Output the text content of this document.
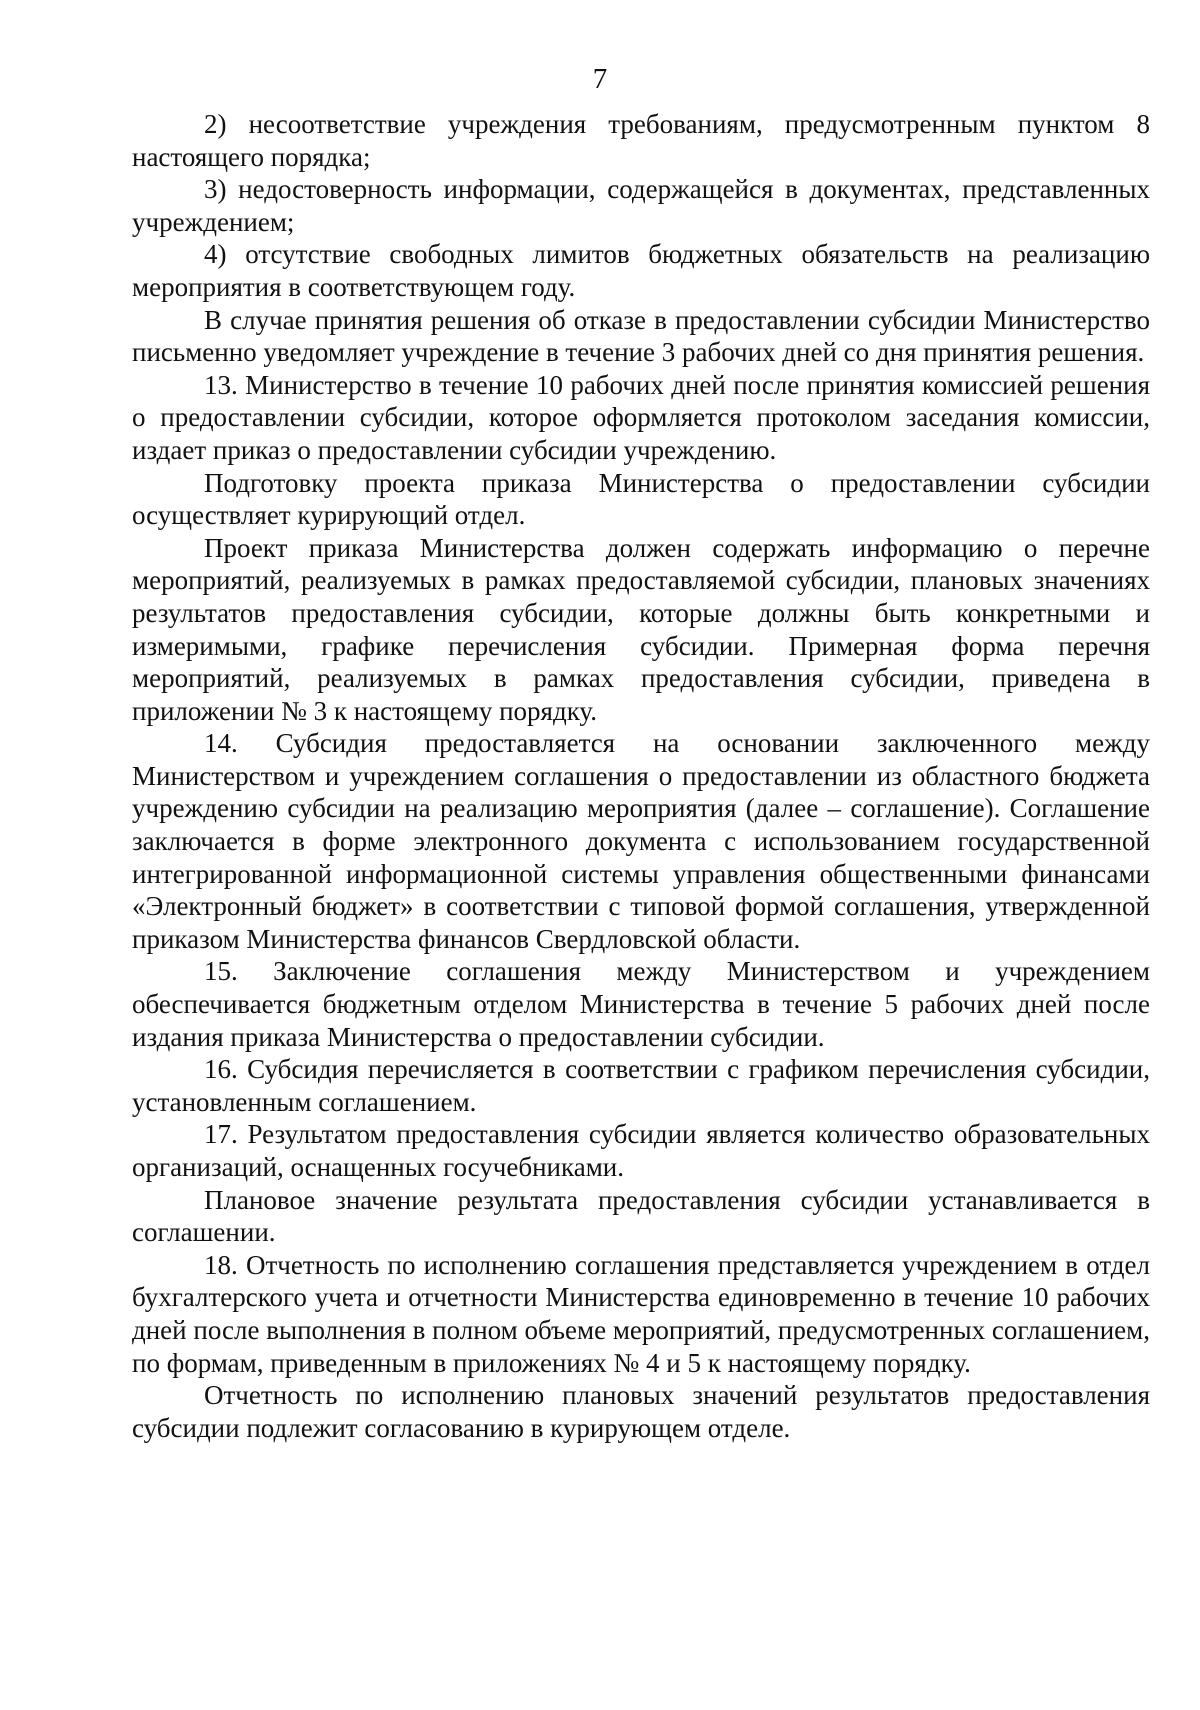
7

2) несоответствие учреждения требованиям, предусмотренным пунктом 8 настоящего порядка;

3) недостоверность информации, содержащейся в документах, представленных учреждением;

4) отсутствие свободных лимитов бюджетных обязательств на реализацию мероприятия в соответствующем году.

В случае принятия решения об отказе в предоставлении субсидии Министерство письменно уведомляет учреждение в течение 3 рабочих дней со дня принятия решения.

13. Министерство в течение 10 рабочих дней после принятия комиссией решения о предоставлении субсидии, которое оформляется протоколом заседания комиссии, издает приказ о предоставлении субсидии учреждению.

Подготовку проекта приказа Министерства о предоставлении субсидии осуществляет курирующий отдел.

Проект приказа Министерства должен содержать информацию о перечне мероприятий, реализуемых в рамках предоставляемой субсидии, плановых значениях результатов предоставления субсидии, которые должны быть конкретными и измеримыми, графике перечисления субсидии. Примерная форма перечня мероприятий, реализуемых в рамках предоставления субсидии, приведена в приложении № 3 к настоящему порядку.

14. Субсидия предоставляется на основании заключенного между Министерством и учреждением соглашения о предоставлении из областного бюджета учреждению субсидии на реализацию мероприятия (далее – соглашение). Соглашение заключается в форме электронного документа с использованием государственной интегрированной информационной системы управления общественными финансами «Электронный бюджет» в соответствии с типовой формой соглашения, утвержденной приказом Министерства финансов Свердловской области.

15. Заключение соглашения между Министерством и учреждением обеспечивается бюджетным отделом Министерства в течение 5 рабочих дней после издания приказа Министерства о предоставлении субсидии.

16. Субсидия перечисляется в соответствии с графиком перечисления субсидии, установленным соглашением.

17. Результатом предоставления субсидии является количество образовательных организаций, оснащенных госучебниками.

Плановое значение результата предоставления субсидии устанавливается в соглашении.

18. Отчетность по исполнению соглашения представляется учреждением в отдел бухгалтерского учета и отчетности Министерства единовременно в течение 10 рабочих дней после выполнения в полном объеме мероприятий, предусмотренных соглашением, по формам, приведенным в приложениях № 4 и 5 к настоящему порядку.

Отчетность по исполнению плановых значений результатов предоставления субсидии подлежит согласованию в курирующем отделе.
